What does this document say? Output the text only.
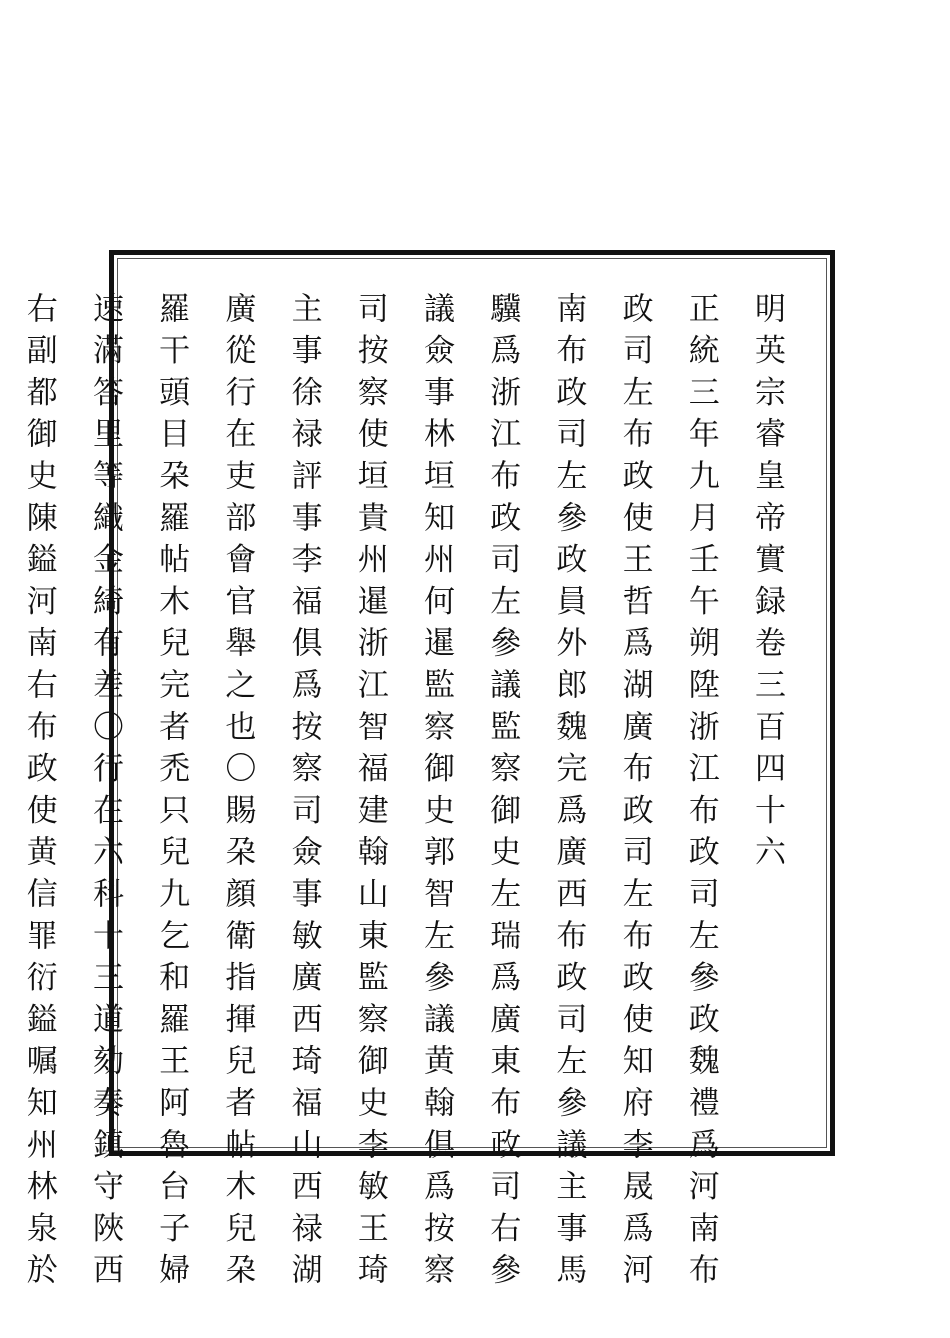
明英宗睿皇帝實録卷三百四十六
正統三年九月壬午朔陞浙江布政司左參政魏禮爲河南布
政司左布政使王哲爲湖廣布政司左布政使知府李晟爲河
南布政司左參政員外郎魏完爲廣西布政司左參議主事馬
驥爲浙江布政司左參議監察御史左瑞爲廣東布政司右參
議僉事林垣知州何暹監察御史郭智左參議黄翰俱爲按察
司按察使垣貴州暹浙江智福建翰山東監察御史李敏王琦
主事徐禄評事李福俱爲按察司僉事敏廣西琦福山西禄湖
廣從行在吏部會官舉之也〇賜朶顔衛指揮兒者帖木兒朶
羅干頭目朶羅帖木兒完者禿只兒九乞和羅王阿魯台子婦
速滿答里等織金綺有差〇行在六科十三道劾奏鎮守陜西
右副都御史陳鎰河南右布政使黄信罪衍鎰嘱知州林泉於
